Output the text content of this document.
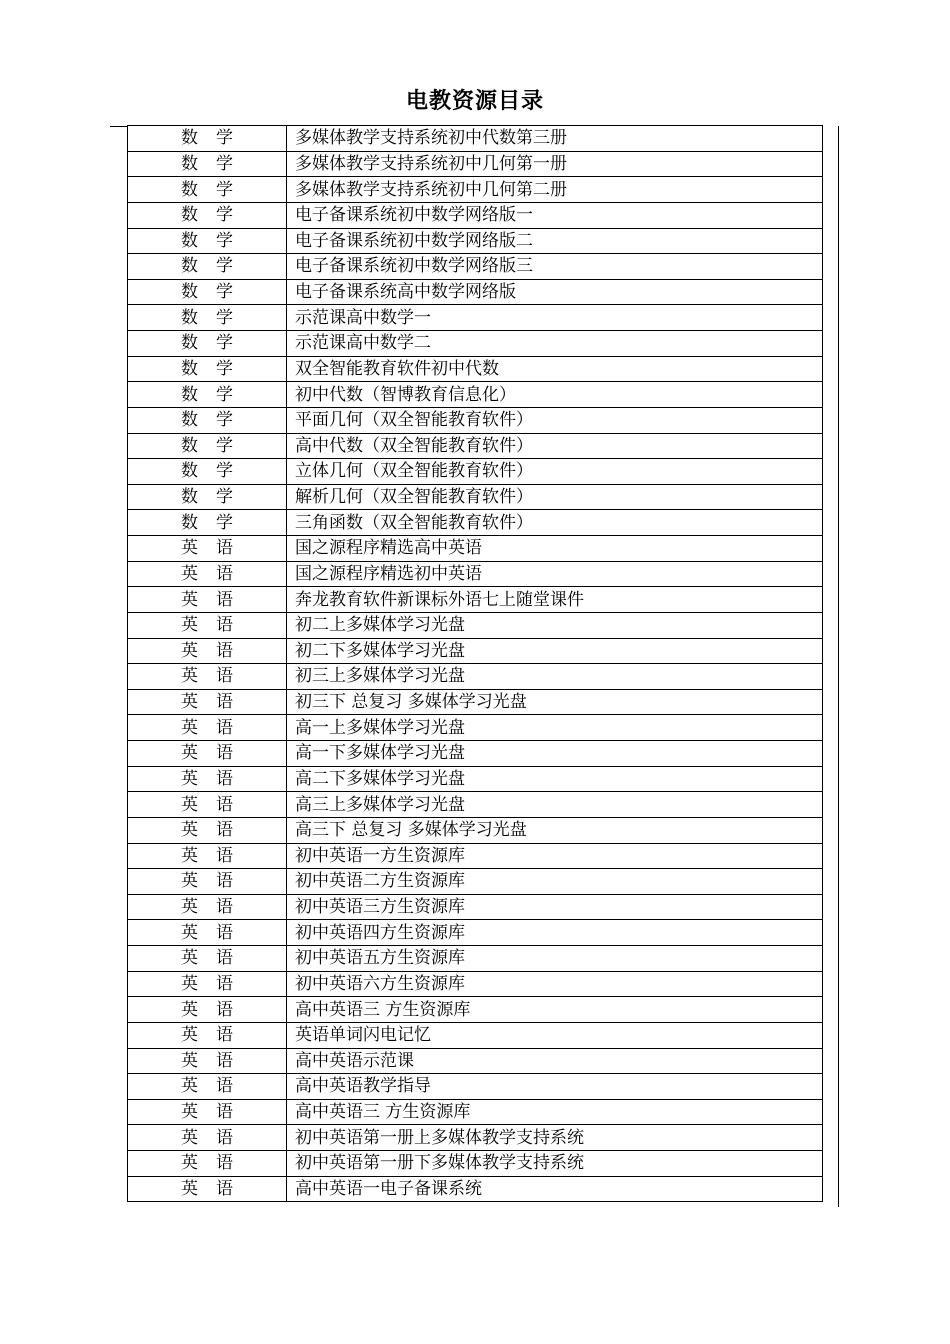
电教资源目录
数学	多媒体教学支持系统初中代数第三册
数学	多媒体教学支持系统初中几何第一册
数学	多媒体教学支持系统初中几何第二册
数学	电子备课系统初中数学网络版一
数学	电子备课系统初中数学网络版二
数学	电子备课系统初中数学网络版三
数学	电子备课系统高中数学网络版
数学	示范课高中数学一
数学	示范课高中数学二
数学	双全智能教育软件初中代数
数学	初中代数（智博教育信息化）
数学	平面几何（双全智能教育软件）
数学	高中代数（双全智能教育软件）
数学	立体几何（双全智能教育软件）
数学	解析几何（双全智能教育软件）
数学	三角函数（双全智能教育软件）
英语	国之源程序精选高中英语
英语	国之源程序精选初中英语
英语	奔龙教育软件新课标外语七上随堂课件
英语	初二上多媒体学习光盘
英语	初二下多媒体学习光盘
英语	初三上多媒体学习光盘
英语	初三下 总复习 多媒体学习光盘
英语	高一上多媒体学习光盘
英语	高一下多媒体学习光盘
英语	高二下多媒体学习光盘
英语	高三上多媒体学习光盘
英语	高三下 总复习 多媒体学习光盘
英语	初中英语一方生资源库
英语	初中英语二方生资源库
英语	初中英语三方生资源库
英语	初中英语四方生资源库
英语	初中英语五方生资源库
英语	初中英语六方生资源库
英语	高中英语三 方生资源库
英语	英语单词闪电记忆
英语	高中英语示范课
英语	高中英语教学指导
英语	高中英语三 方生资源库
英语	初中英语第一册上多媒体教学支持系统
英语	初中英语第一册下多媒体教学支持系统
英语	高中英语一电子备课系统
